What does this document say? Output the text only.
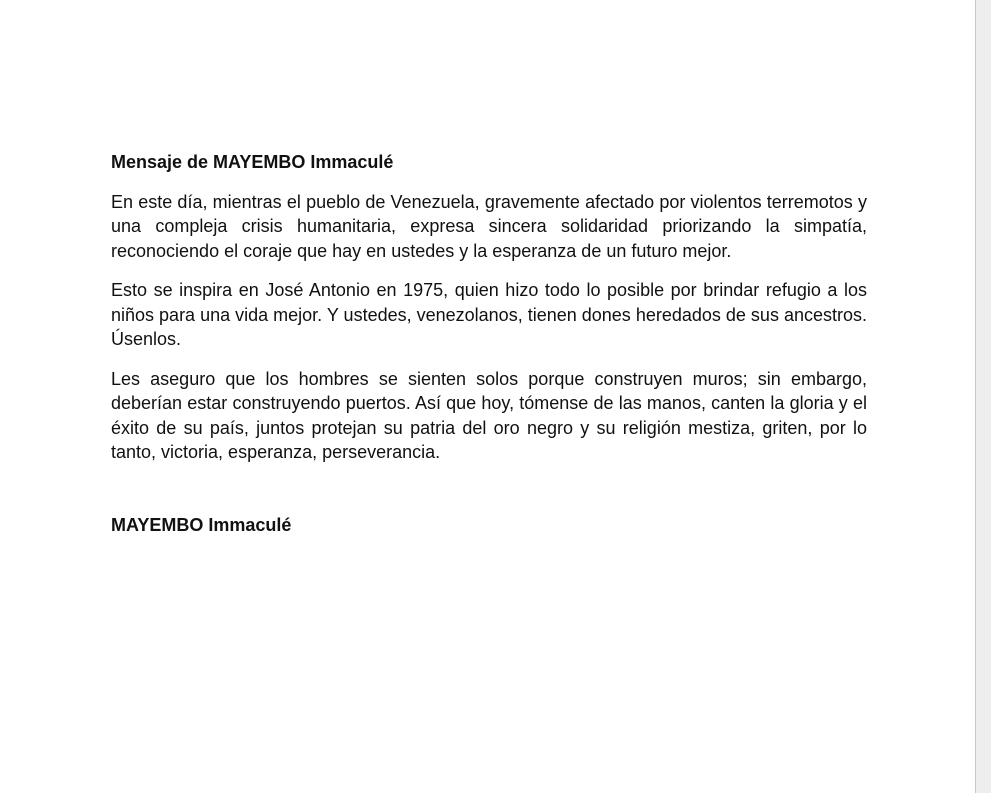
Mensaje de MAYEMBO Immaculé

En este día, mientras el pueblo de Venezuela, gravemente afectado por violentos terremotos y una compleja crisis humanitaria, expresa sincera solidaridad priorizando la simpatía, reconociendo el coraje que hay en ustedes y la esperanza de un futuro mejor.

Esto se inspira en José Antonio en 1975, quien hizo todo lo posible por brindar refugio a los niños para una vida mejor. Y ustedes, venezolanos, tienen dones heredados de sus ancestros. Úsenlos.

Les aseguro que los hombres se sienten solos porque construyen muros; sin embargo, deberían estar construyendo puertos. Así que hoy, tómense de las manos, canten la gloria y el éxito de su país, juntos protejan su patria del oro negro y su religión mestiza, griten, por lo tanto, victoria, esperanza, perseverancia.

MAYEMBO Immaculé
